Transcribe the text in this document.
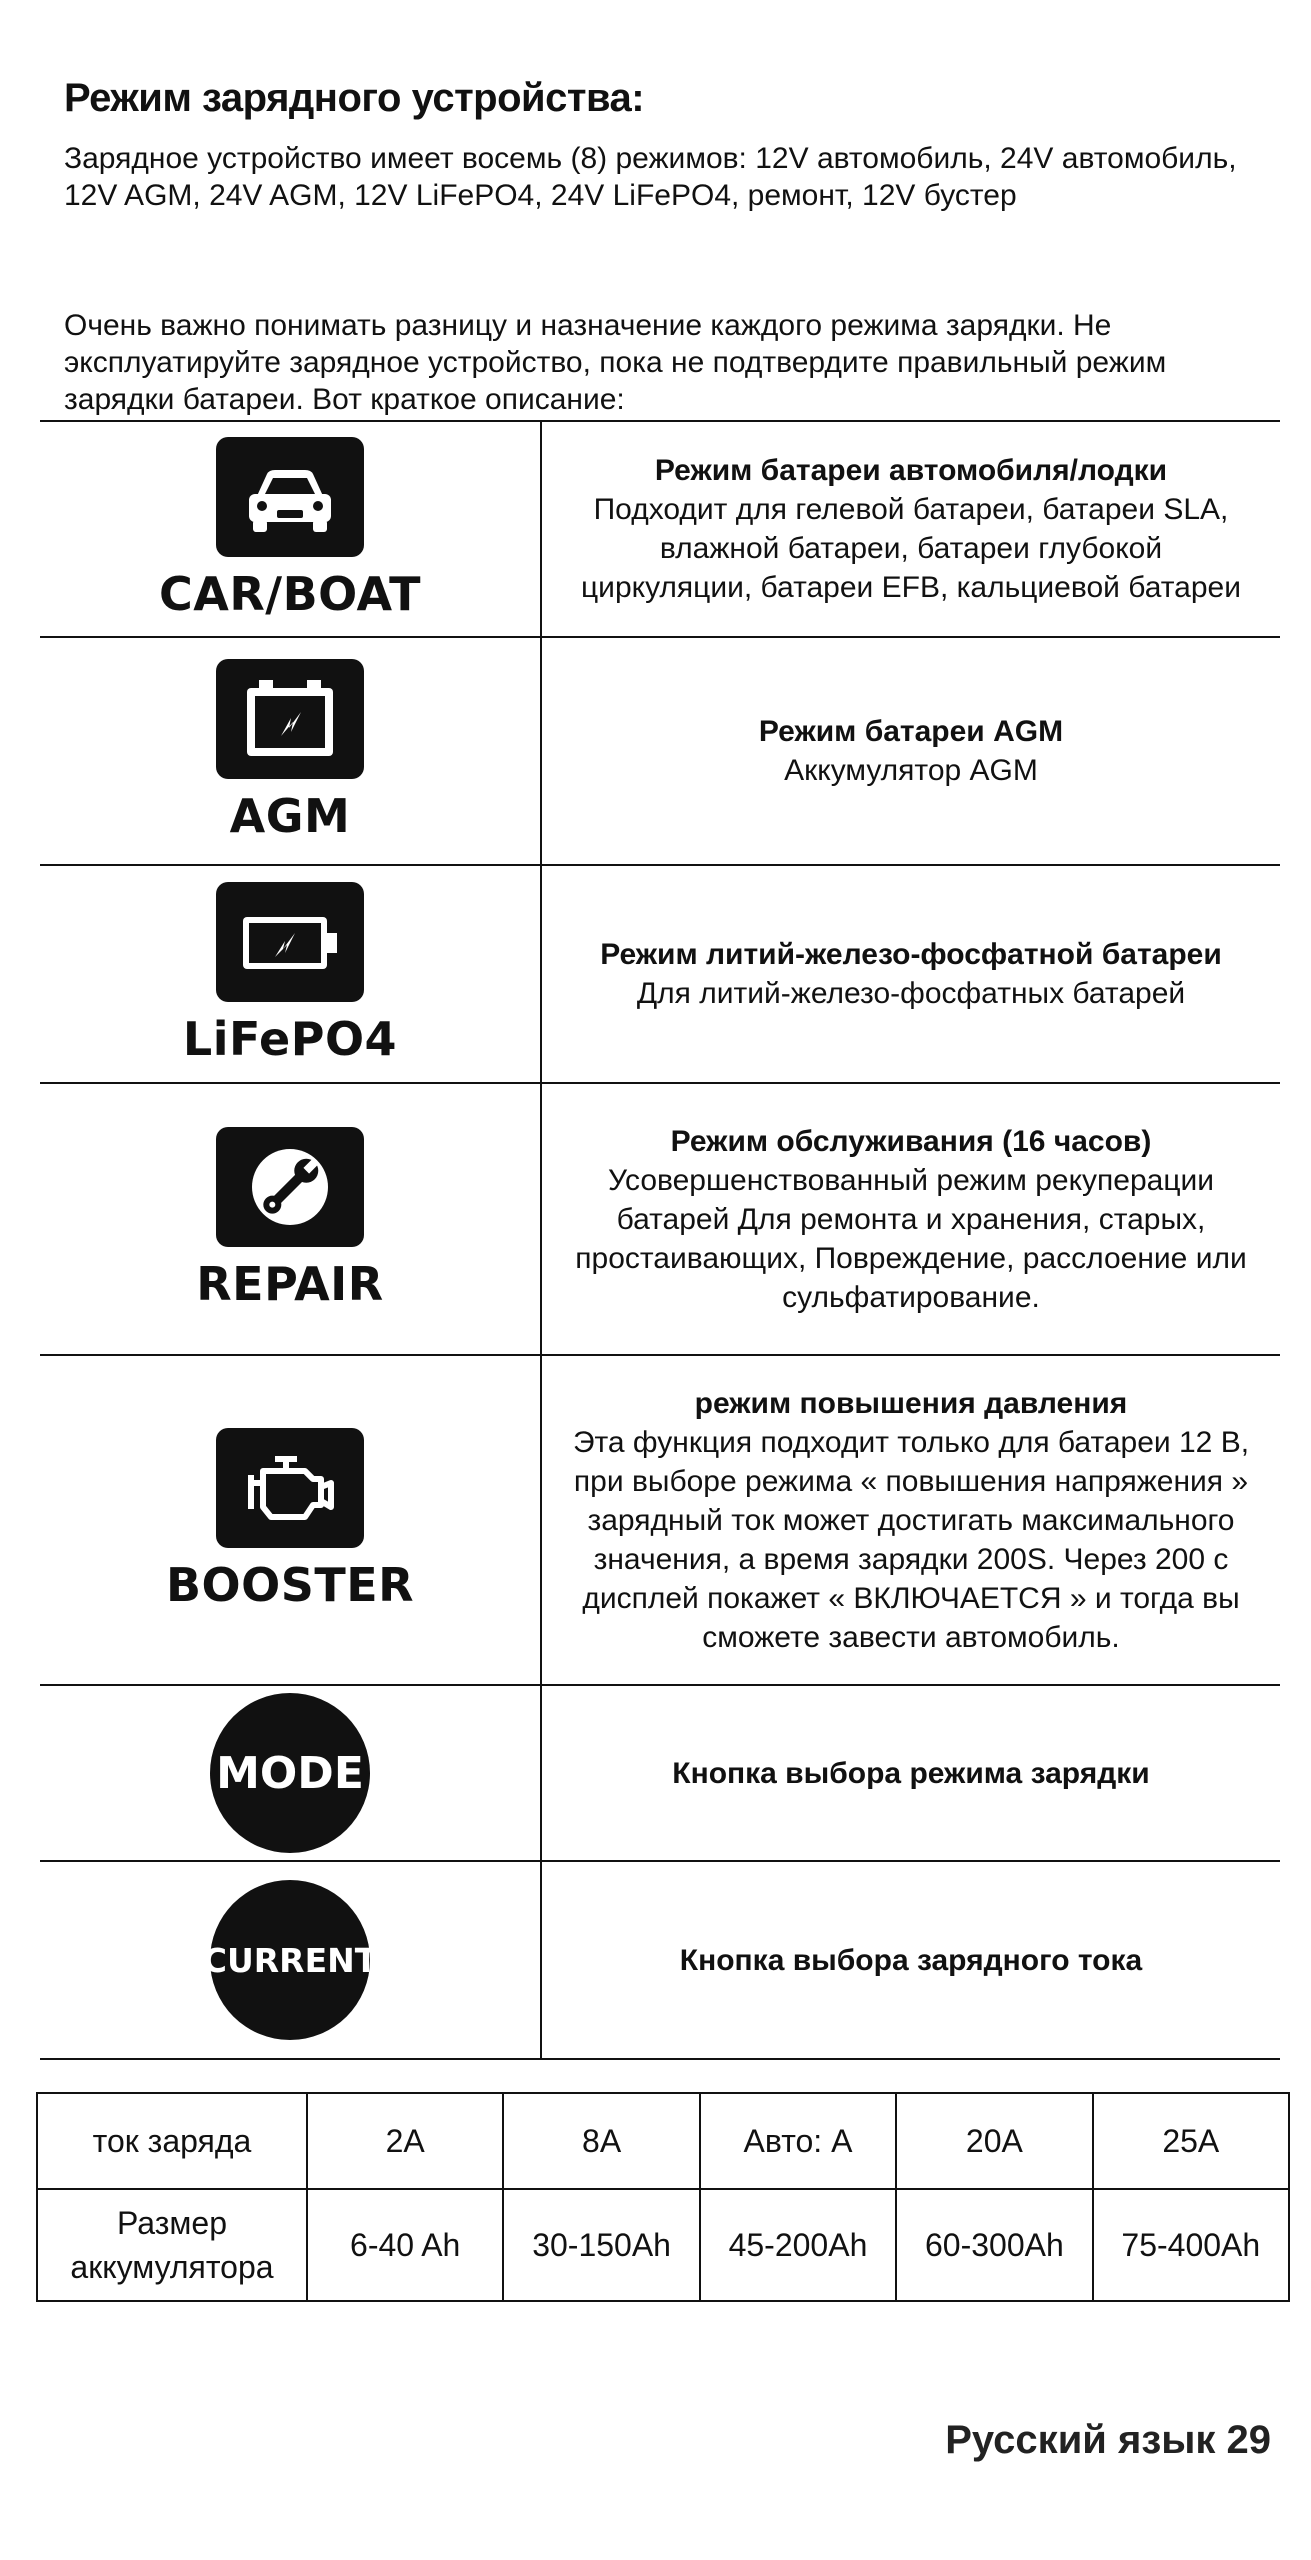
Режим зарядного устройства:

Зарядное устройство имеет восемь (8) режимов: 12V автомобиль, 24V автомобиль, 12V AGM, 24V AGM, 12V LiFePO4, 24V LiFePO4, ремонт, 12V бустер

Очень важно понимать разницу и назначение каждого режима зарядки. Не эксплуатируйте зарядное устройство, пока не подтвердите правильный режим зарядки батареи. Вот краткое описание:

CAR/BOAT	Режим батареи автомобиля/лодки
Подходит для гелевой батареи, батареи SLA, влажной батареи, батареи глубокой циркуляции, батареи EFB, кальциевой батареи

AGM	Режим батареи AGM
Аккумулятор AGM

LiFePO4	Режим литий-железо-фосфатной батареи
Для литий-железо-фосфатных батарей

REPAIR	Режим обслуживания (16 часов)
Усовершенствованный режим рекуперации батарей Для ремонта и хранения, старых, простаивающих, Повреждение, расслоение или сульфатирование.

BOOSTER	режим повышения давления
Эта функция подходит только для батареи 12 В, при выборе режима « повышения напряжения » зарядный ток может достигать максимального значения, а время зарядки 200S. Через 200 с дисплей покажет « ВКЛЮЧАЕТСЯ » и тогда вы сможете завести автомобиль.

MODE	Кнопка выбора режима зарядки

CURRENT	Кнопка выбора зарядного тока
ток заряда	2A	8A	Авто: A	20A	25A
Размер аккумулятора	6-40 Ah	30-150Ah	45-200Ah	60-300Ah	75-400Ah
Русский язык 29
